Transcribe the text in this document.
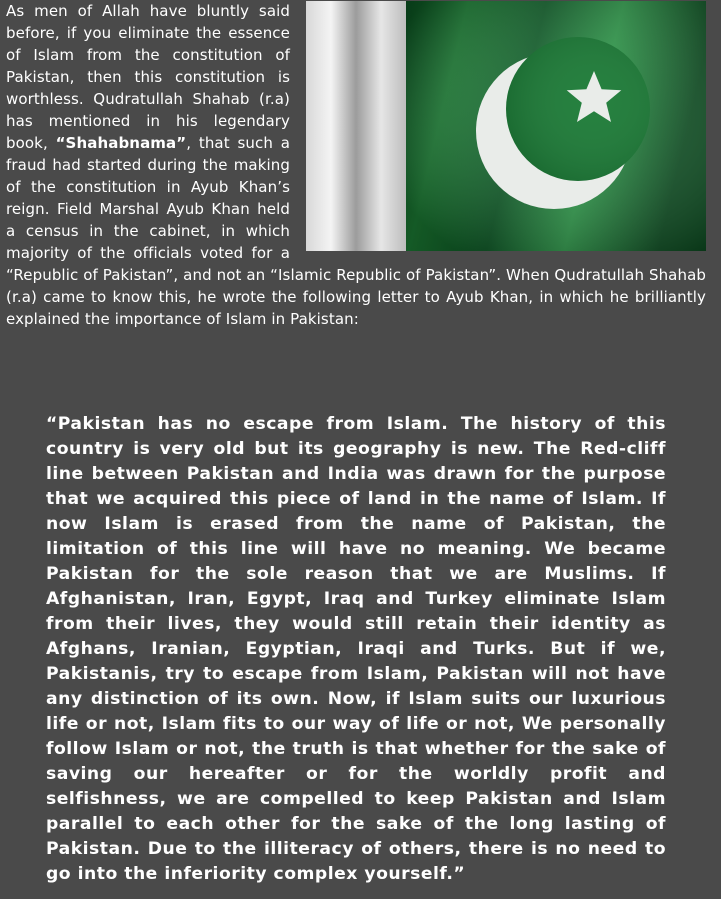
As men of Allah have bluntly said before, if you eliminate the essence of Islam from the constitution of Pakistan, then this constitution is worthless. Qudratullah Shahab (r.a) has mentioned in his legendary book, “Shahabnama”, that such a fraud had started during the making of the constitution in Ayub Khan’s reign. Field Marshal Ayub Khan held a census in the cabinet, in which majority of the officials voted for a “Republic of Pakistan”, and not an “Islamic Republic of Pakistan”. When Qudratullah Shahab (r.a) came to know this, he wrote the following letter to Ayub Khan, in which he brilliantly explained the importance of Islam in Pakistan:

“Pakistan has no escape from Islam. The history of this country is very old but its geography is new. The Red-cliff line between Pakistan and India was drawn for the purpose that we acquired this piece of land in the name of Islam. If now Islam is erased from the name of Pakistan, the limitation of this line will have no meaning. We became Pakistan for the sole reason that we are Muslims. If Afghanistan, Iran, Egypt, Iraq and Turkey eliminate Islam from their lives, they would still retain their identity as Afghans, Iranian, Egyptian, Iraqi and Turks. But if we, Pakistanis, try to escape from Islam, Pakistan will not have any distinction of its own. Now, if Islam suits our luxurious life or not, Islam fits to our way of life or not, We personally follow Islam or not, the truth is that whether for the sake of saving our hereafter or for the worldly profit and selfishness, we are compelled to keep Pakistan and Islam parallel to each other for the sake of the long lasting of Pakistan. Due to the illiteracy of others, there is no need to go into the inferiority complex yourself.”
